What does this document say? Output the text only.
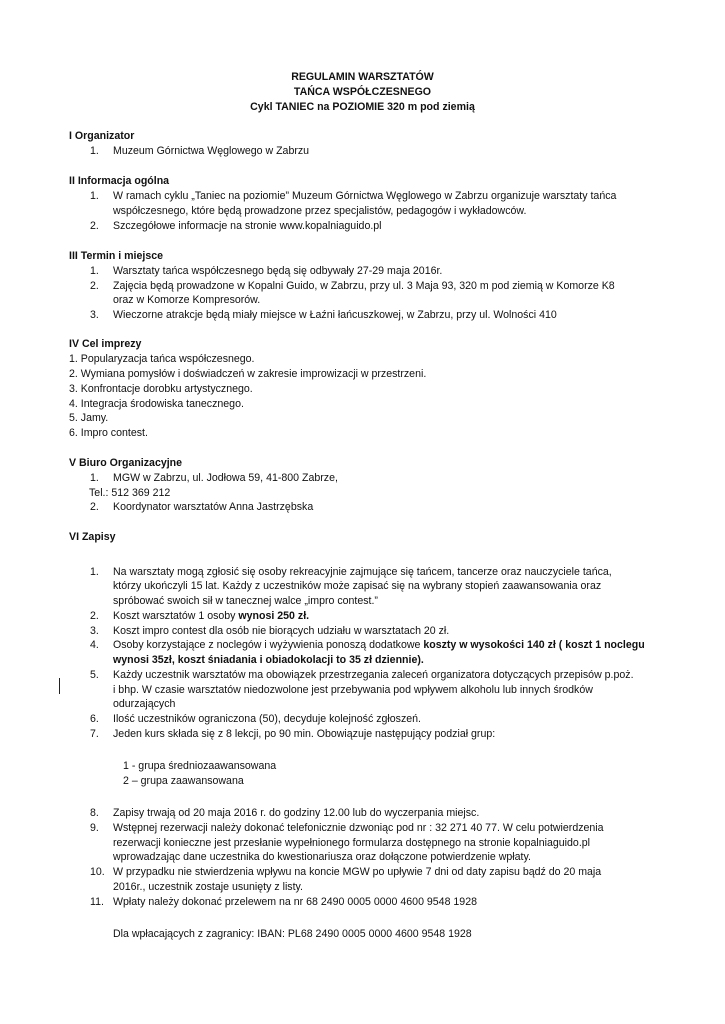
REGULAMIN WARSZTATÓW
TAŃCA WSPÓŁCZESNEGO
Cykl TANIEC na POZIOMIE 320 m pod ziemią
I Organizator
1. Muzeum Górnictwa Węglowego w Zabrzu
II Informacja ogólna
1. W ramach cyklu „Taniec na poziomie” Muzeum Górnictwa Węglowego w Zabrzu organizuje warsztaty tańca
współczesnego, które będą prowadzone przez specjalistów, pedagogów i wykładowców.
2. Szczegółowe informacje na stronie www.kopalniaguido.pl
III Termin i miejsce
1. Warsztaty tańca współczesnego będą się odbywały 27-29 maja 2016r.
2. Zajęcia będą prowadzone w Kopalni Guido, w Zabrzu, przy ul. 3 Maja 93, 320 m pod ziemią w Komorze K8
oraz w Komorze Kompresorów.
3. Wieczorne atrakcje będą miały miejsce w Łaźni łańcuszkowej, w Zabrzu, przy ul. Wolności 410
IV Cel imprezy
1. Popularyzacja tańca współczesnego.
2. Wymiana pomysłów i doświadczeń w zakresie improwizacji w przestrzeni.
3. Konfrontacje dorobku artystycznego.
4. Integracja środowiska tanecznego.
5. Jamy.
6. Impro contest.
V Biuro Organizacyjne
1. MGW w Zabrzu, ul. Jodłowa 59, 41-800 Zabrze,
Tel.: 512 369 212
2. Koordynator warsztatów Anna Jastrzębska
VI Zapisy
1. Na warsztaty mogą zgłosić się osoby rekreacyjnie zajmujące się tańcem, tancerze oraz nauczyciele tańca,
którzy ukończyli 15 lat. Każdy z uczestników może zapisać się na wybrany stopień zaawansowania oraz
spróbować swoich sił w tanecznej walce „impro contest.”
2. Koszt warsztatów 1 osoby wynosi 250 zł.
3. Koszt impro contest dla osób nie biorących udziału w warsztatach 20 zł.
4. Osoby korzystające z noclegów i wyżywienia ponoszą dodatkowe koszty w wysokości 140 zł ( koszt 1 noclegu
wynosi 35zł, koszt śniadania i obiadokolacji to 35 zł dziennie).
5. Każdy uczestnik warsztatów ma obowiązek przestrzegania zaleceń organizatora dotyczących przepisów p.poż.
i bhp. W czasie warsztatów niedozwolone jest przebywania pod wpływem alkoholu lub innych środków
odurzających
6. Ilość uczestników ograniczona (50), decyduje kolejność zgłoszeń.
7. Jeden kurs składa się z 8 lekcji, po 90 min. Obowiązuje następujący podział grup:
1 - grupa średniozaawansowana
2 – grupa zaawansowana
8. Zapisy trwają od 20 maja 2016 r. do godziny 12.00 lub do wyczerpania miejsc.
9. Wstępnej rezerwacji należy dokonać telefonicznie dzwoniąc pod nr : 32 271 40 77. W celu potwierdzenia
rezerwacji konieczne jest przesłanie wypełnionego formularza dostępnego na stronie kopalniaguido.pl
wprowadzając dane uczestnika do kwestionariusza oraz dołączone potwierdzenie wpłaty.
10. W przypadku nie stwierdzenia wpływu na koncie MGW po upływie 7 dni od daty zapisu bądź do 20 maja
2016r., uczestnik zostaje usunięty z listy.
11. Wpłaty należy dokonać przelewem na nr 68 2490 0005 0000 4600 9548 1928
Dla wpłacających z zagranicy: IBAN: PL68 2490 0005 0000 4600 9548 1928
